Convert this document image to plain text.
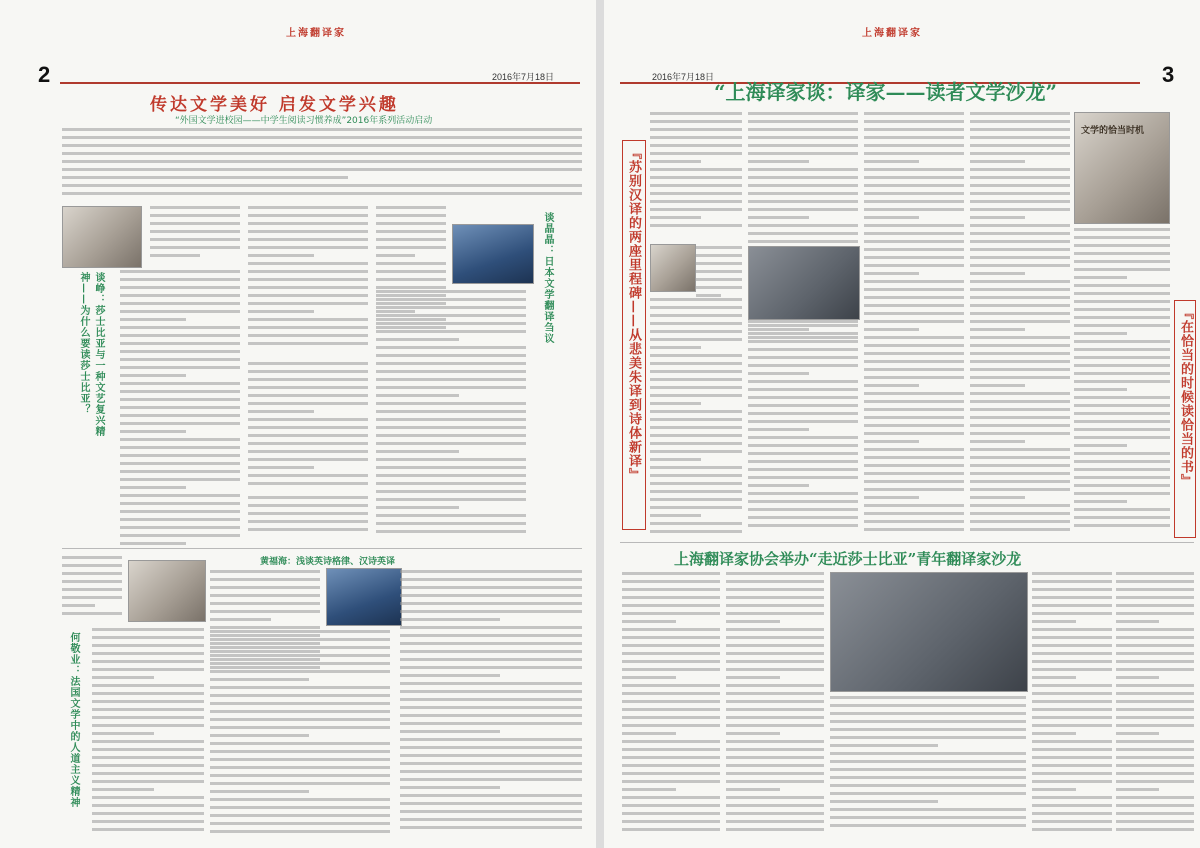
上海翻译家
2	2016年7月18日
传达文学美好 启发文学兴趣
“外国文学进校园——中学生阅读习惯养成”2016年系列活动启动
谈峥：莎士比亚与一种文艺复兴精神——为什么要读莎士比亚？	谈晶晶：日本文学翻译刍议
何敬业：法国文学中的人道主义精神
黄福海：浅谈英诗格律、汉诗英译
上海翻译家
2016年7月18日	3
“上海译家谈：译家——读者文学沙龙”
『苏别汉译的两座里程碑——从悲美朱译到诗体新译』
文学的恰当时机
『在恰当的时候读恰当的书』
上海翻译家协会举办“走近莎士比亚”青年翻译家沙龙
